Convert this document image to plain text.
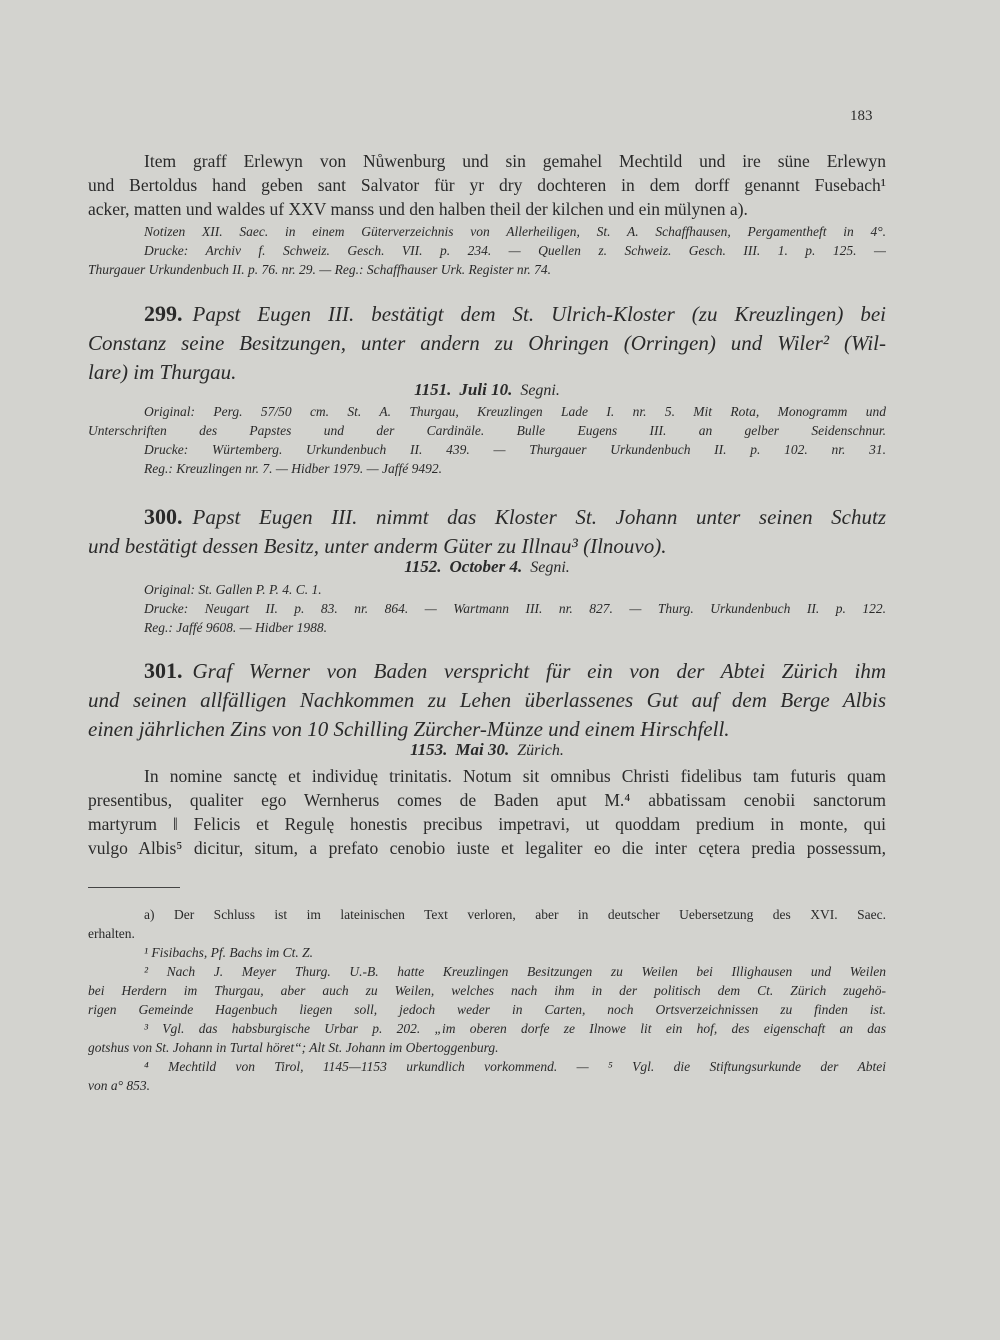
183
Item graff Erlewyn von Nůwenburg und sin gemahel Mechtild und ire süne Erlewyn
und Bertoldus hand geben sant Salvator für yr dry dochteren in dem dorff genannt Fusebach¹
acker, matten und waldes uf XXV manss und den halben theil der kilchen und ein mülynen a).
Notizen XII. Saec. in einem Güterverzeichnis von Allerheiligen, St. A. Schaffhausen, Pergamentheft in 4°.
Drucke: Archiv f. Schweiz. Gesch. VII. p. 234. — Quellen z. Schweiz. Gesch. III. 1. p. 125. —
Thurgauer Urkundenbuch II. p. 76. nr. 29. — Reg.: Schaffhauser Urk. Register nr. 74.
299. Papst Eugen III. bestätigt dem St. Ulrich-Kloster (zu Kreuzlingen) bei
Constanz seine Besitzungen, unter andern zu Ohringen (Orringen) und Wiler² (Wil-
lare) im Thurgau.
1151. Juli 10. Segni.
Original: Perg. 57/50 cm. St. A. Thurgau, Kreuzlingen Lade I. nr. 5. Mit Rota, Monogramm und
Unterschriften des Papstes und der Cardinäle. Bulle Eugens III. an gelber Seidenschnur.
Drucke: Würtemberg. Urkundenbuch II. 439. — Thurgauer Urkundenbuch II. p. 102. nr. 31.
Reg.: Kreuzlingen nr. 7. — Hidber 1979. — Jaffé 9492.
300. Papst Eugen III. nimmt das Kloster St. Johann unter seinen Schutz
und bestätigt dessen Besitz, unter anderm Güter zu Illnau³ (Ilnouvo).
1152. October 4. Segni.
Original: St. Gallen P. P. 4. C. 1.
Drucke: Neugart II. p. 83. nr. 864. — Wartmann III. nr. 827. — Thurg. Urkundenbuch II. p. 122.
Reg.: Jaffé 9608. — Hidber 1988.
301. Graf Werner von Baden verspricht für ein von der Abtei Zürich ihm
und seinen allfälligen Nachkommen zu Lehen überlassenes Gut auf dem Berge Albis
einen jährlichen Zins von 10 Schilling Zürcher-Münze und einem Hirschfell.
1153. Mai 30. Zürich.
In nomine sanctę et individuę trinitatis. Notum sit omnibus Christi fidelibus tam futuris quam
presentibus, qualiter ego Wernherus comes de Baden aput M.⁴ abbatissam cenobii sanctorum
martyrum ‖ Felicis et Regulę honestis precibus impetravi, ut quoddam predium in monte, qui
vulgo Albis⁵ dicitur, situm, a prefato cenobio iuste et legaliter eo die inter cętera predia possessum,
a) Der Schluss ist im lateinischen Text verloren, aber in deutscher Uebersetzung des XVI. Saec.
erhalten.
¹ Fisibachs, Pf. Bachs im Ct. Z.
² Nach J. Meyer Thurg. U.-B. hatte Kreuzlingen Besitzungen zu Weilen bei Illighausen und Weilen
bei Herdern im Thurgau, aber auch zu Weilen, welches nach ihm in der politisch dem Ct. Zürich zugehö-
rigen Gemeinde Hagenbuch liegen soll, jedoch weder in Carten, noch Ortsverzeichnissen zu finden ist.
³ Vgl. das habsburgische Urbar p. 202. „im oberen dorfe ze Ilnowe lit ein hof, des eigenschaft an das
gotshus von St. Johann in Turtal höret“; Alt St. Johann im Obertoggenburg.
⁴ Mechtild von Tirol, 1145—1153 urkundlich vorkommend. — ⁵ Vgl. die Stiftungsurkunde der Abtei
von a° 853.
